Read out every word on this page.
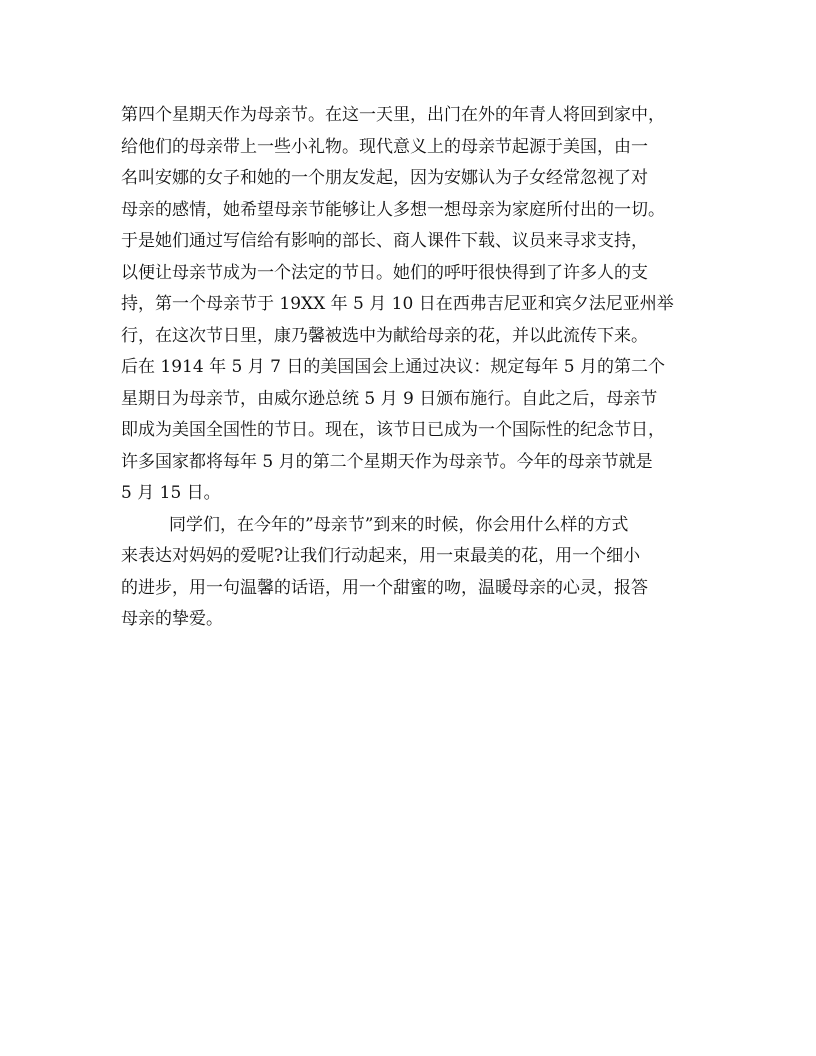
第四个星期天作为母亲节。在这一天里，出门在外的年青人将回到家中，
给他们的母亲带上一些小礼物。现代意义上的母亲节起源于美国，由一
名叫安娜的女子和她的一个朋友发起，因为安娜认为子女经常忽视了对
母亲的感情，她希望母亲节能够让人多想一想母亲为家庭所付出的一切。
于是她们通过写信给有影响的部长、商人课件下载、议员来寻求支持，
以便让母亲节成为一个法定的节日。她们的呼吁很快得到了许多人的支
持，第一个母亲节于 19XX 年 5 月 10 日在西弗吉尼亚和宾夕法尼亚州举
行，在这次节日里，康乃馨被选中为献给母亲的花，并以此流传下来。
后在 1914 年 5 月 7 日的美国国会上通过决议：规定每年 5 月的第二个
星期日为母亲节，由威尔逊总统 5 月 9 日颁布施行。自此之后，母亲节
即成为美国全国性的节日。现在，该节日已成为一个国际性的纪念节日，
许多国家都将每年 5 月的第二个星期天作为母亲节。今年的母亲节就是
5 月 15 日。
同学们，在今年的”母亲节”到来的时候，你会用什么样的方式
来表达对妈妈的爱呢?让我们行动起来，用一束最美的花，用一个细小
的进步，用一句温馨的话语，用一个甜蜜的吻，温暖母亲的心灵，报答
母亲的挚爱。
